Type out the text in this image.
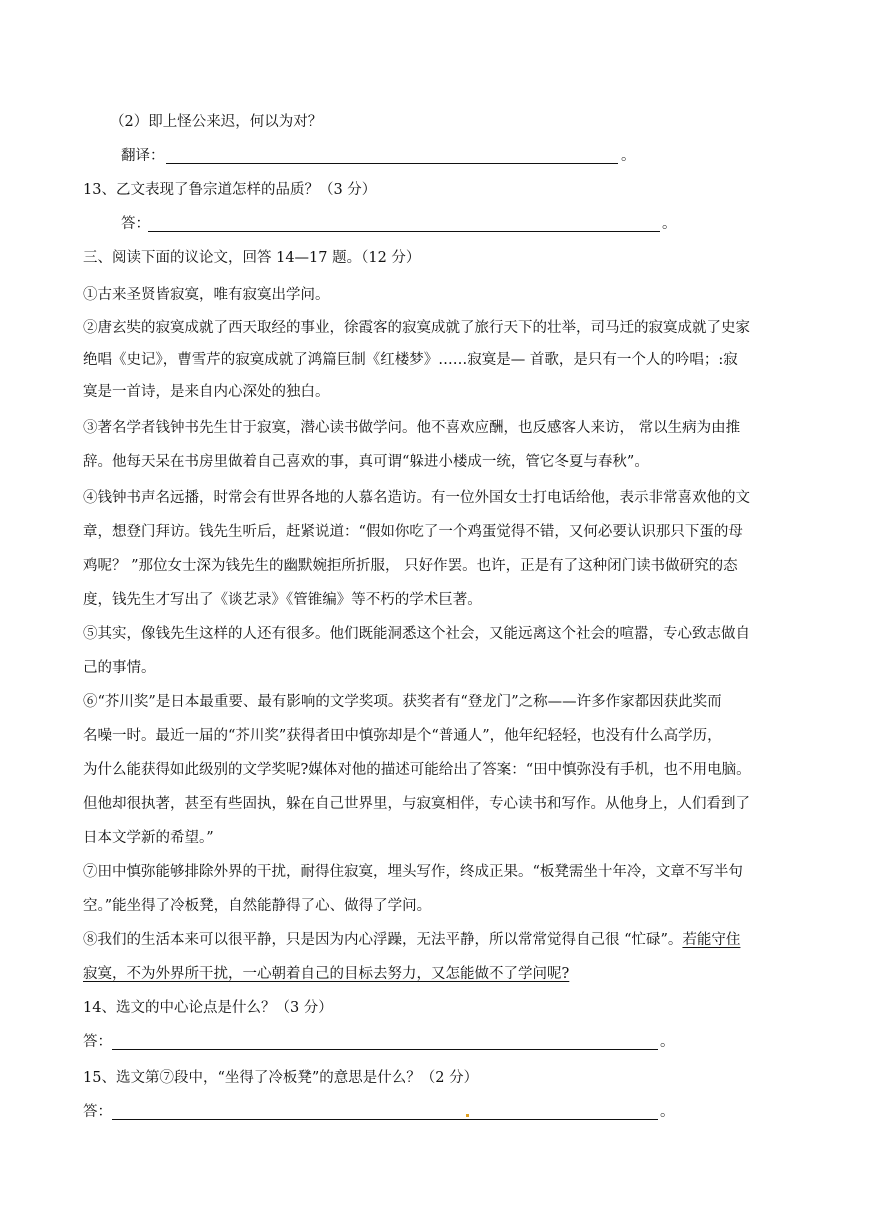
（2）即上怪公来迟，何以为对？
翻译：	。
13、乙文表现了鲁宗道怎样的品质？（3 分）
答：	。
三、阅读下面的议论文，回答 14—17 题。（12 分）
①古来圣贤皆寂寞，唯有寂寞出学问。
②唐玄奘的寂寞成就了西天取经的事业，徐霞客的寂寞成就了旅行天下的壮举，司马迁的寂寞成就了史家
绝唱《史记》，曹雪芹的寂寞成就了鸿篇巨制《红楼梦》……寂寞是— 首歌，是只有一个人的吟唱；:寂
寞是一首诗，是来自内心深处的独白。
③著名学者钱钟书先生甘于寂寞，潜心读书做学问。他不喜欢应酬，也反感客人来访， 常以生病为由推
辞。他每天呆在书房里做着自己喜欢的事，真可谓“躲进小楼成一统，管它冬夏与春秋”。
④钱钟书声名远播，时常会有世界各地的人慕名造访。有一位外国女士打电话给他，表示非常喜欢他的文
章，想登门拜访。钱先生听后，赶紧说道：“假如你吃了一个鸡蛋觉得不错，又何必要认识那只下蛋的母
鸡呢？ ”那位女士深为钱先生的幽默婉拒所折服， 只好作罢。也许，正是有了这种闭门读书做研究的态
度，钱先生才写出了《谈艺录》《管锥编》等不朽的学术巨著。
⑤其实，像钱先生这样的人还有很多。他们既能洞悉这个社会，又能远离这个社会的喧嚣，专心致志做自
己的事情。
⑥“芥川奖”是日本最重要、最有影响的文学奖项。获奖者有“登龙门”之称——许多作家都因获此奖而
名噪一时。最近一届的“芥川奖”获得者田中慎弥却是个“普通人”，他年纪轻轻，也没有什么高学历，
为什么能获得如此级别的文学奖呢?媒体对他的描述可能给出了答案：“田中慎弥没有手机，也不用电脑。
但他却很执著，甚至有些固执，躲在自己世界里，与寂寞相伴，专心读书和写作。从他身上，人们看到了
日本文学新的希望。”
⑦田中慎弥能够排除外界的干扰，耐得住寂寞，埋头写作，终成正果。“板凳需坐十年冷，文章不写半句
空。”能坐得了冷板凳，自然能静得了心、做得了学问。
⑧我们的生活本来可以很平静，只是因为内心浮躁，无法平静，所以常常觉得自己很 “忙碌”。若能守住
寂寞，不为外界所干扰，一心朝着自己的目标去努力，又怎能做不了学问呢?
14、选文的中心论点是什么？（3 分）
答：	。
15、选文第⑦段中，“坐得了冷板凳”的意思是什么？（2 分）
答：	。
